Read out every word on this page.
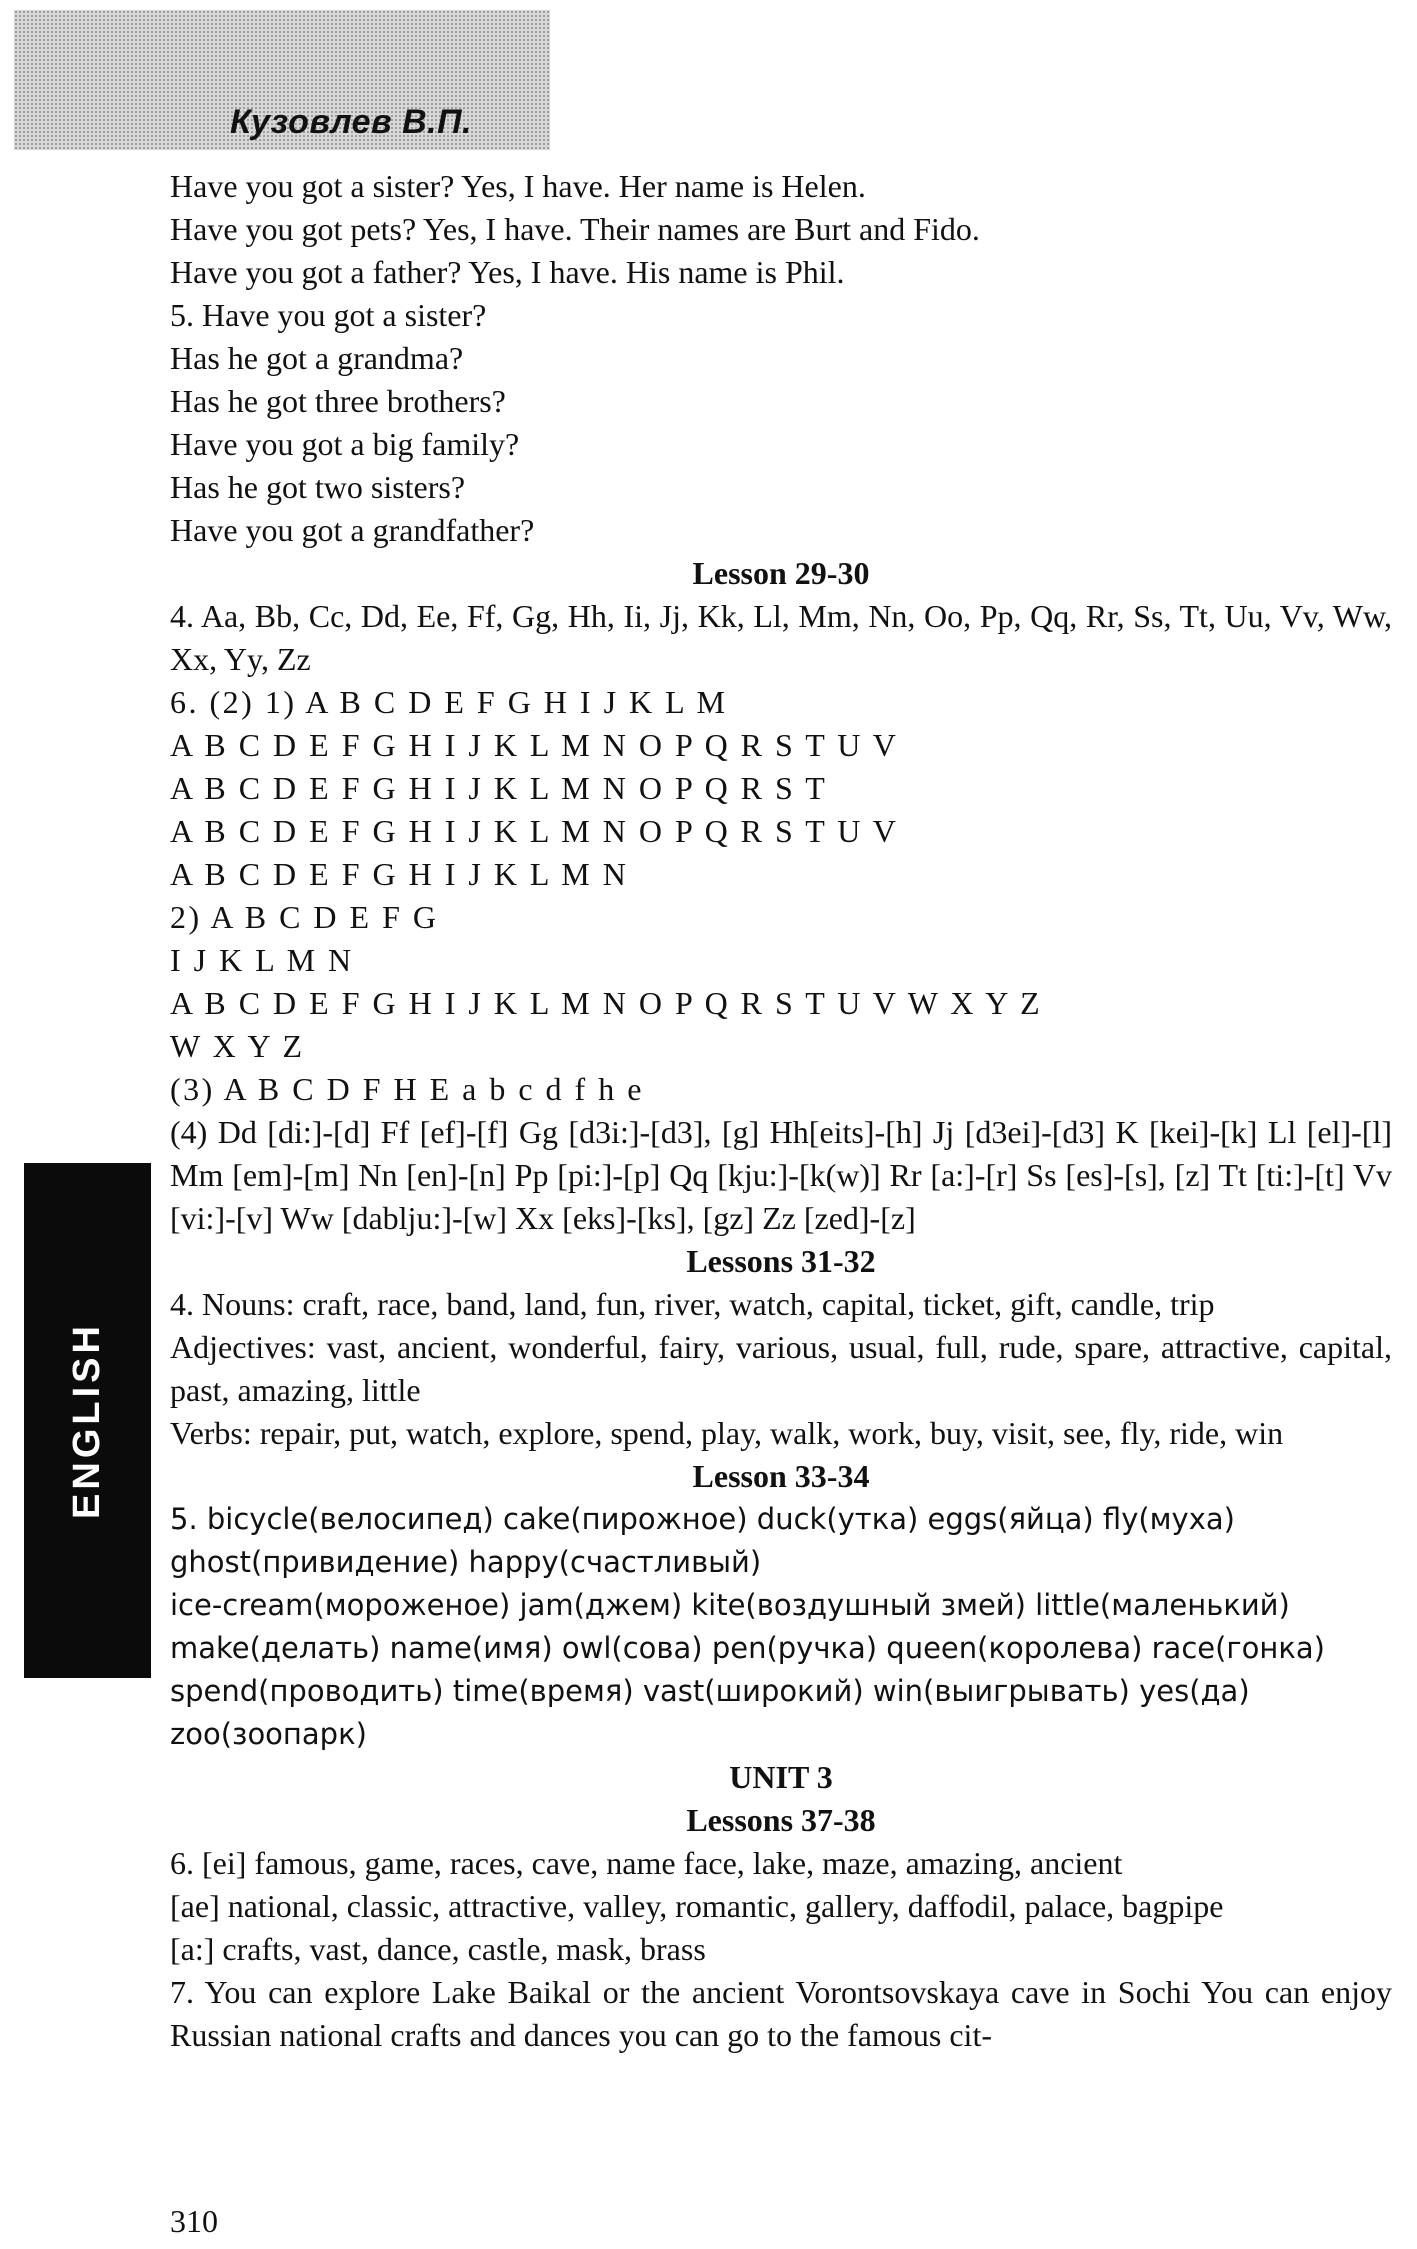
Кузовлев В.П.
ENGLISH
Have you got a sister? Yes, I have. Her name is Helen.
Have you got pets? Yes, I have. Their names are Burt and Fido.
Have you got a father? Yes, I have. His name is Phil.
5. Have you got a sister?
Has he got a grandma?
Has he got three brothers?
Have you got a big family?
Has he got two sisters?
Have you got a grandfather?
Lesson 29-30
4. Aa, Bb, Cc, Dd, Ee, Ff, Gg, Hh, Ii, Jj, Kk, Ll, Mm, Nn, Oo, Pp, Qq, Rr, Ss, Tt, Uu, Vv, Ww, Xx, Yy, Zz
6. (2) 1) A B C D E F G H I J K L M
A B C D E F G H I J K L M N O P Q R S T U V
A B C D E F G H I J K L M N O P Q R S T
A B C D E F G H I J K L M N O P Q R S T U V
A B C D E F G H I J K L M N
2) A B C D E F G
I J K L M N
A B C D E F G H I J K L M N O P Q R S T U V W X Y Z
W X Y Z
(3) A B C D F H E a b c d f h e
(4) Dd [di:]-[d] Ff [ef]-[f] Gg [d3i:]-[d3], [g] Hh[eits]-[h] Jj [d3ei]-[d3] K [kei]-[k] Ll [el]-[l] Mm [em]-[m] Nn [en]-[n] Pp [pi:]-[p] Qq [kju:]-[k(w)] Rr [a:]-[r] Ss [es]-[s], [z] Tt [ti:]-[t] Vv [vi:]-[v] Ww [dablju:]-[w] Xx [eks]-[ks], [gz] Zz [zed]-[z]
Lessons 31-32
4. Nouns: craft, race, band, land, fun, river, watch, capital, ticket, gift, candle, trip
Adjectives: vast, ancient, wonderful, fairy, various, usual, full, rude, spare, attractive, capital, past, amazing, little
Verbs: repair, put, watch, explore, spend, play, walk, work, buy, visit, see, fly, ride, win
Lesson 33-34
5. bicycle(велосипед) cake(пирожное) duck(утка) eggs(яйца) fly(муха)
ghost(привидение) happy(счастливый)
ice-cream(мороженое) jam(джем) kite(воздушный змей) little(маленький)
make(делать) name(имя) owl(сова) pen(ручка) queen(королева) race(гонка)
spend(проводить) time(время) vast(широкий) win(выигрывать) yes(да)
zoo(зоопарк)
UNIT 3
Lessons 37-38
6. [ei] famous, game, races, cave, name face, lake, maze, amazing, ancient
[ae] national, classic, attractive, valley, romantic, gallery, daffodil, palace, bagpipe
[a:] crafts, vast, dance, castle, mask, brass
7. You can explore Lake Baikal or the ancient Vorontsovskaya cave in Sochi You can enjoy Russian national crafts and dances you can go to the famous cit-
310
